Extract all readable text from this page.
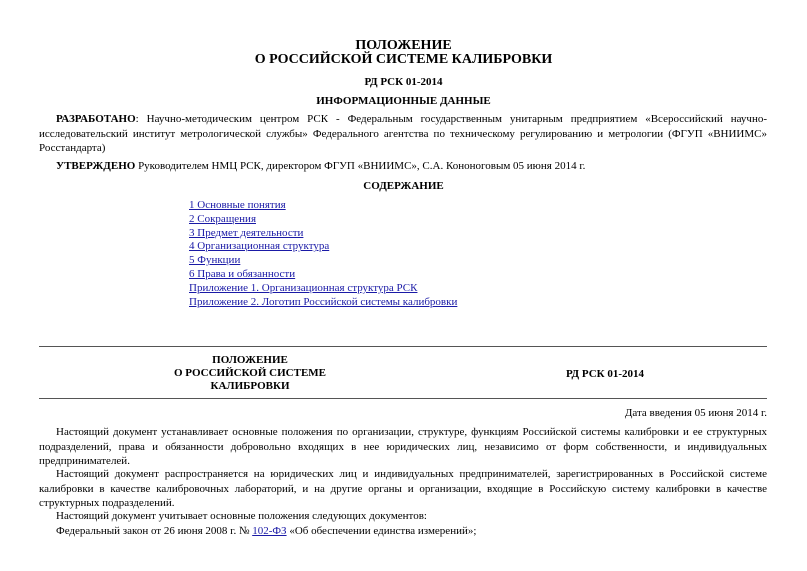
ПОЛОЖЕНИЕ
О РОССИЙСКОЙ СИСТЕМЕ КАЛИБРОВКИ
РД РСК 01-2014
ИНФОРМАЦИОННЫЕ ДАННЫЕ
РАЗРАБОТАНО: Научно-методическим центром РСК - Федеральным государственным унитарным предприятием «Всероссийский научно-исследовательский институт метрологической службы» Федерального агентства по техническому регулированию и метрологии (ФГУП «ВНИИМС» Росстандарта)
УТВЕРЖДЕНО Руководителем НМЦ РСК, директором ФГУП «ВНИИМС», С.А. Кононоговым 05 июня 2014 г.
СОДЕРЖАНИЕ
1 Основные понятия
2 Сокращения
3 Предмет деятельности
4 Организационная структура
5 Функции
6 Права и обязанности
Приложение 1. Организационная структура РСК
Приложение 2. Логотип Российской системы калибровки
ПОЛОЖЕНИЕ
О РОССИЙСКОЙ СИСТЕМЕ
КАЛИБРОВКИ
РД РСК 01-2014
Дата введения 05 июня 2014 г.
Настоящий документ устанавливает основные положения по организации, структуре, функциям Российской системы калибровки и ее структурных подразделений, права и обязанности добровольно входящих в нее юридических лиц, независимо от форм собственности, и индивидуальных предпринимателей.
Настоящий документ распространяется на юридических лиц и индивидуальных предпринимателей, зарегистрированных в Российской системе калибровки в качестве калибровочных лабораторий, и на другие органы и организации, входящие в Российскую систему калибровки в качестве структурных подразделений.
Настоящий документ учитывает основные положения следующих документов:
Федеральный закон от 26 июня 2008 г. № 102-ФЗ «Об обеспечении единства измерений»;
